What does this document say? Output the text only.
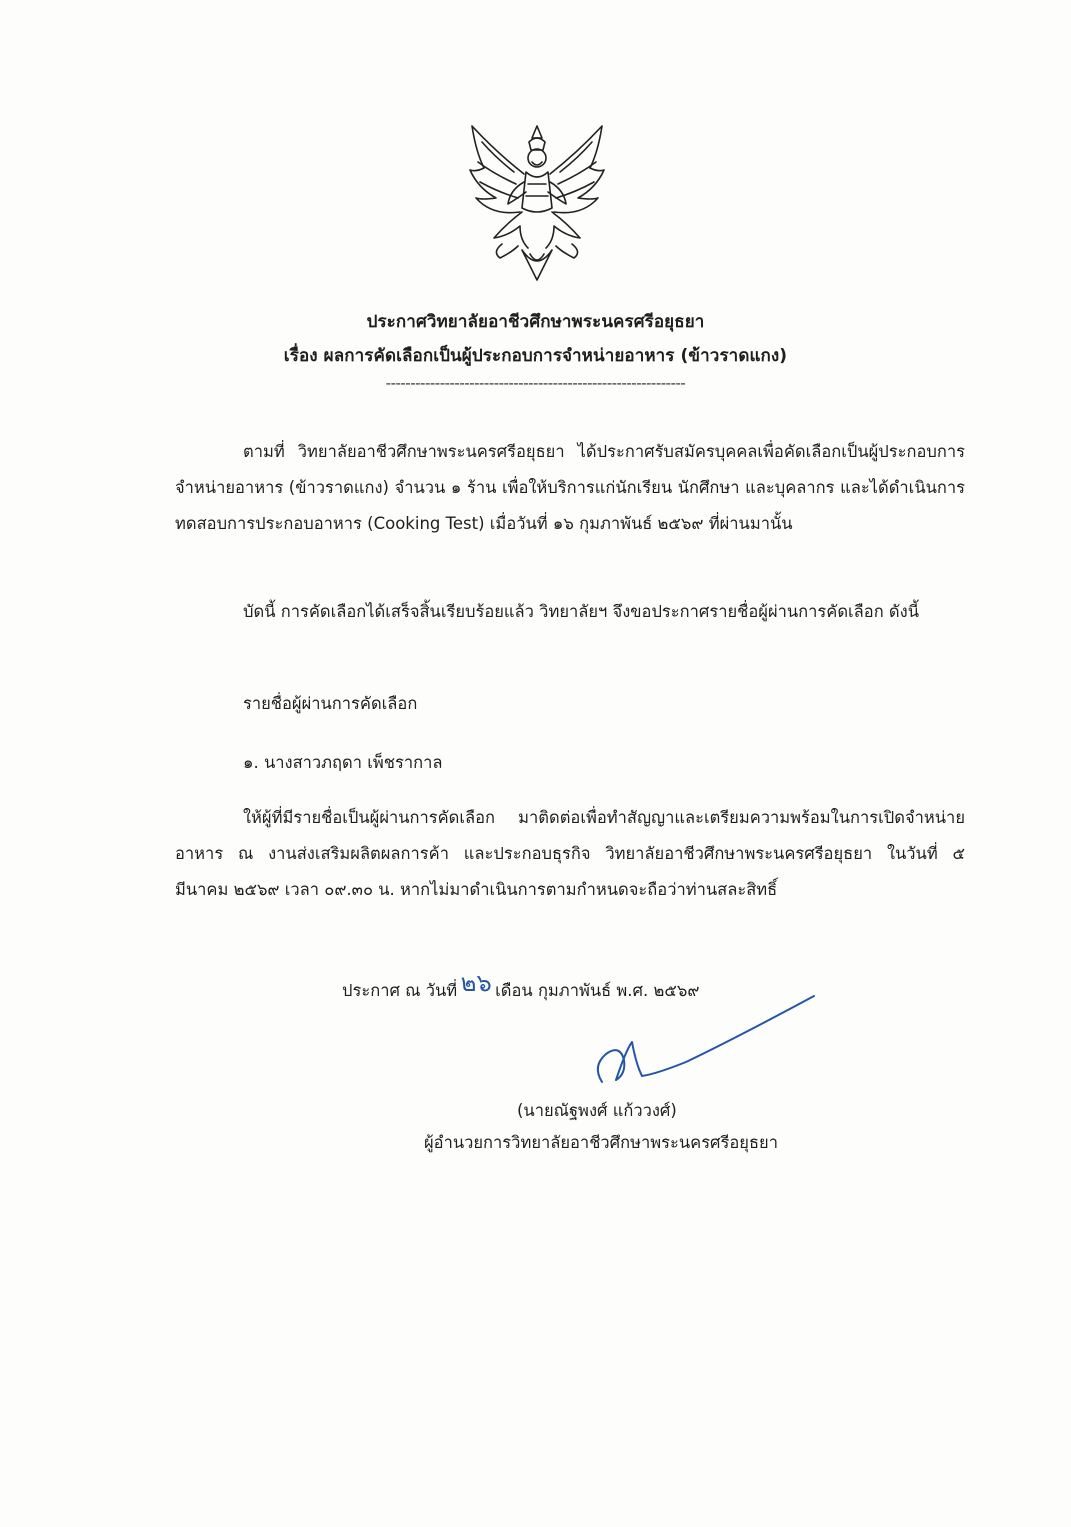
ประกาศวิทยาลัยอาชีวศึกษาพระนครศรีอยุธยา
เรื่อง ผลการคัดเลือกเป็นผู้ประกอบการจำหน่ายอาหาร (ข้าวราดแกง)
-------------------------------------------------------------
ตามที่ วิทยาลัยอาชีวศึกษาพระนครศรีอยุธยา ได้ประกาศรับสมัครบุคคลเพื่อคัดเลือกเป็นผู้ประกอบการจำหน่ายอาหาร (ข้าวราดแกง) จำนวน ๑ ร้าน เพื่อให้บริการแก่นักเรียน นักศึกษา และบุคลากร และได้ดำเนินการทดสอบการประกอบอาหาร (Cooking Test) เมื่อวันที่ ๑๖ กุมภาพันธ์ ๒๕๖๙ ที่ผ่านมานั้น
บัดนี้ การคัดเลือกได้เสร็จสิ้นเรียบร้อยแล้ว วิทยาลัยฯ จึงขอประกาศรายชื่อผู้ผ่านการคัดเลือก ดังนี้
รายชื่อผู้ผ่านการคัดเลือก
๑. นางสาวภฤดา เพ็ชรากาล
ให้ผู้ที่มีรายชื่อเป็นผู้ผ่านการคัดเลือก มาติดต่อเพื่อทำสัญญาและเตรียมความพร้อมในการเปิดจำหน่ายอาหาร ณ งานส่งเสริมผลิตผลการค้า และประกอบธุรกิจ วิทยาลัยอาชีวศึกษาพระนครศรีอยุธยา ในวันที่ ๕ มีนาคม ๒๕๖๙ เวลา ๐๙.๓๐ น. หากไม่มาดำเนินการตามกำหนดจะถือว่าท่านสละสิทธิ์
ประกาศ ณ วันที่ ๒๖ เดือน กุมภาพันธ์ พ.ศ. ๒๕๖๙
(นายณัฐพงศ์ แก้ววงศ์)
ผู้อำนวยการวิทยาลัยอาชีวศึกษาพระนครศรีอยุธยา
